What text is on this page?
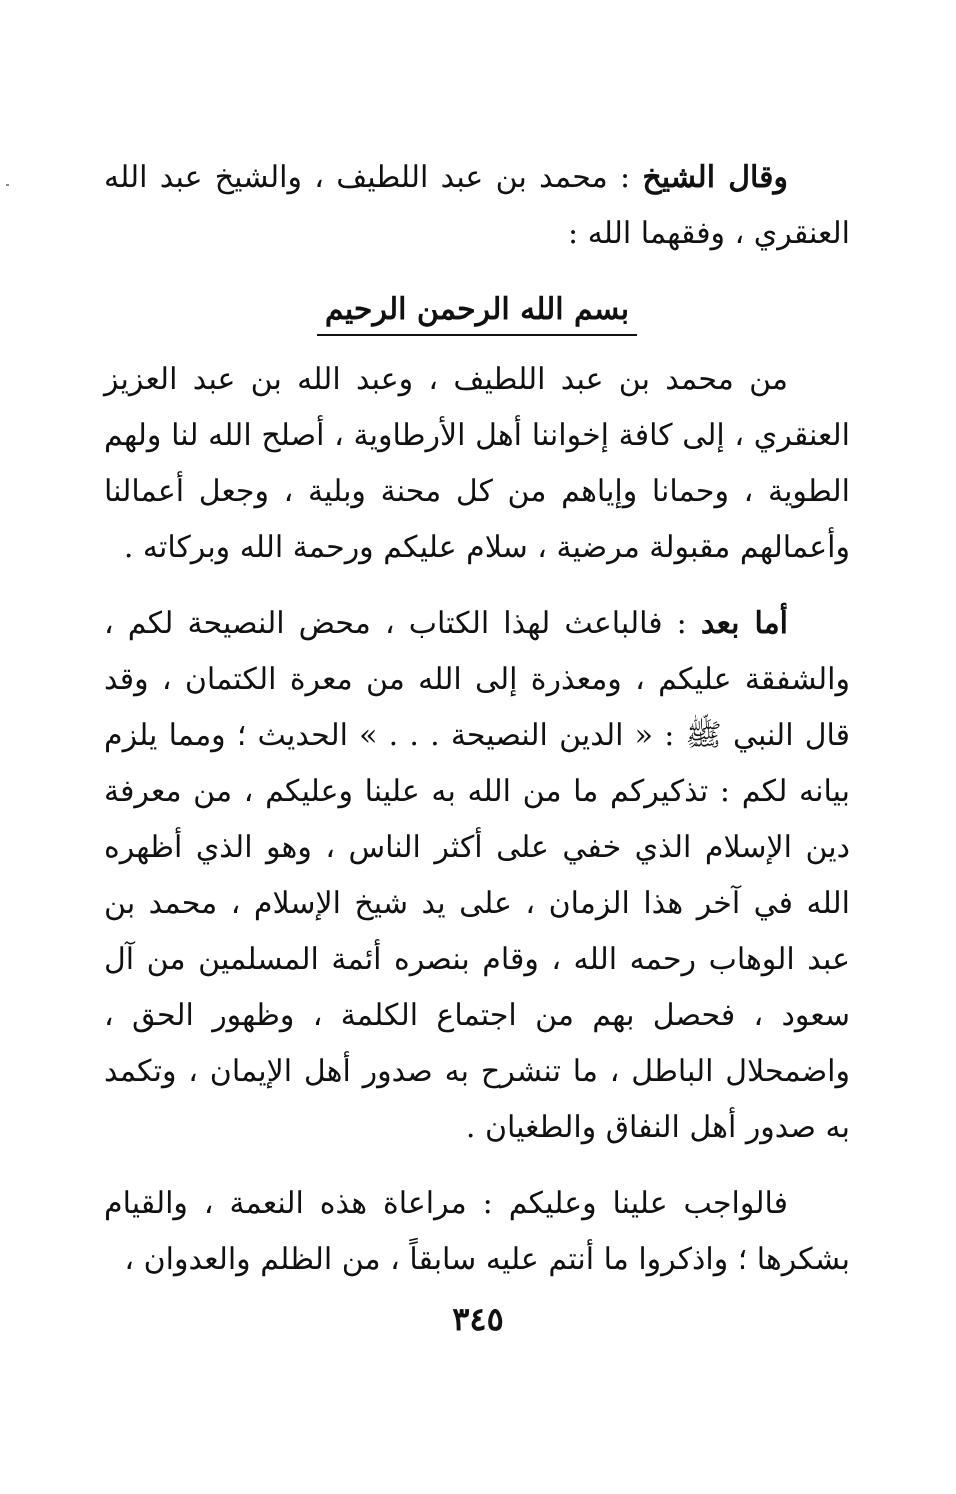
وقال الشيخ : محمد بن عبد اللطيف ، والشيخ عبد الله العنقري ، وفقهما الله :

بسم الله الرحمن الرحيم

من محمد بن عبد اللطيف ، وعبد الله بن عبد العزيز العنقري ، إلى كافة إخواننا أهل الأرطاوية ، أصلح الله لنا ولهم الطوية ، وحمانا وإياهم من كل محنة وبلية ، وجعل أعمالنا وأعمالهم مقبولة مرضية ، سلام عليكم ورحمة الله وبركاته .

أما بعد : فالباعث لهذا الكتاب ، محض النصيحة لكم ، والشفقة عليكم ، ومعذرة إلى الله من معرة الكتمان ، وقد قال النبي ﷺ : « الدين النصيحة . . . » الحديث ؛ ومما يلزم بيانه لكم : تذكيركم ما من الله به علينا وعليكم ، من معرفة دين الإسلام الذي خفي على أكثر الناس ، وهو الذي أظهره الله في آخر هذا الزمان ، على يد شيخ الإسلام ، محمد بن عبد الوهاب رحمه الله ، وقام بنصره أئمة المسلمين من آل سعود ، فحصل بهم من اجتماع الكلمة ، وظهور الحق ، واضمحلال الباطل ، ما تنشرح به صدور أهل الإيمان ، وتكمد به صدور أهل النفاق والطغيان .

فالواجب علينا وعليكم : مراعاة هذه النعمة ، والقيام بشكرها ؛ واذكروا ما أنتم عليه سابقاً ، من الظلم والعدوان ،

٣٤٥
